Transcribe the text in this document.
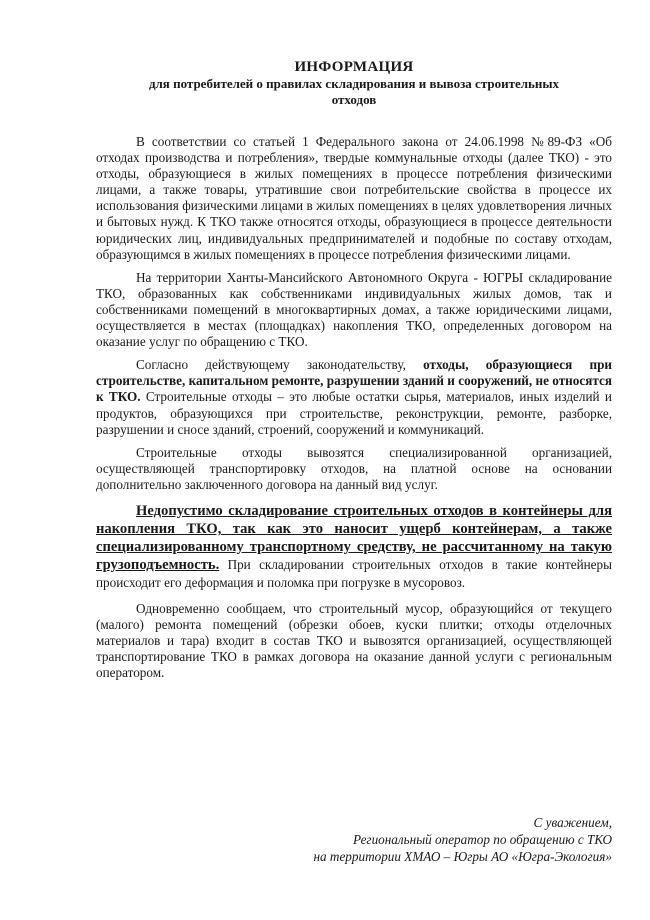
ИНФОРМАЦИЯ
для потребителей о правилах складирования и вывоза строительных отходов

В соответствии со статьей 1 Федерального закона от 24.06.1998 №89-ФЗ «Об отходах производства и потребления», твердые коммунальные отходы (далее ТКО) - это отходы, образующиеся в жилых помещениях в процессе потребления физическими лицами, а также товары, утратившие свои потребительские свойства в процессе их использования физическими лицами в жилых помещениях в целях удовлетворения личных и бытовых нужд. К ТКО также относятся отходы, образующиеся в процессе деятельности юридических лиц, индивидуальных предпринимателей и подобные по составу отходам, образующимся в жилых помещениях в процессе потребления физическими лицами.

На территории Ханты-Мансийского Автономного Округа - ЮГРЫ складирование ТКО, образованных как собственниками индивидуальных жилых домов, так и собственниками помещений в многоквартирных домах, а также юридическими лицами, осуществляется в местах (площадках) накопления ТКО, определенных договором на оказание услуг по обращению с ТКО.

Согласно действующему законодательству, отходы, образующиеся при строительстве, капитальном ремонте, разрушении зданий и сооружений, не относятся к ТКО. Строительные отходы – это любые остатки сырья, материалов, иных изделий и продуктов, образующихся при строительстве, реконструкции, ремонте, разборке, разрушении и сносе зданий, строений, сооружений и коммуникаций.

Строительные отходы вывозятся специализированной организацией, осуществляющей транспортировку отходов, на платной основе на основании дополнительно заключенного договора на данный вид услуг.

Недопустимо складирование строительных отходов в контейнеры для накопления ТКО, так как это наносит ущерб контейнерам, а также специализированному транспортному средству, не рассчитанному на такую грузоподъемность. При складировании строительных отходов в такие контейнеры происходит его деформация и поломка при погрузке в мусоровоз.

Одновременно сообщаем, что строительный мусор, образующийся от текущего (малого) ремонта помещений (обрезки обоев, куски плитки; отходы отделочных материалов и тара) входит в состав ТКО и вывозятся организацией, осуществляющей транспортирование ТКО в рамках договора на оказание данной услуги с региональным оператором.

С уважением,
Региональный оператор по обращению с ТКО
на территории ХМАО – Югры АО «Югра-Экология»
